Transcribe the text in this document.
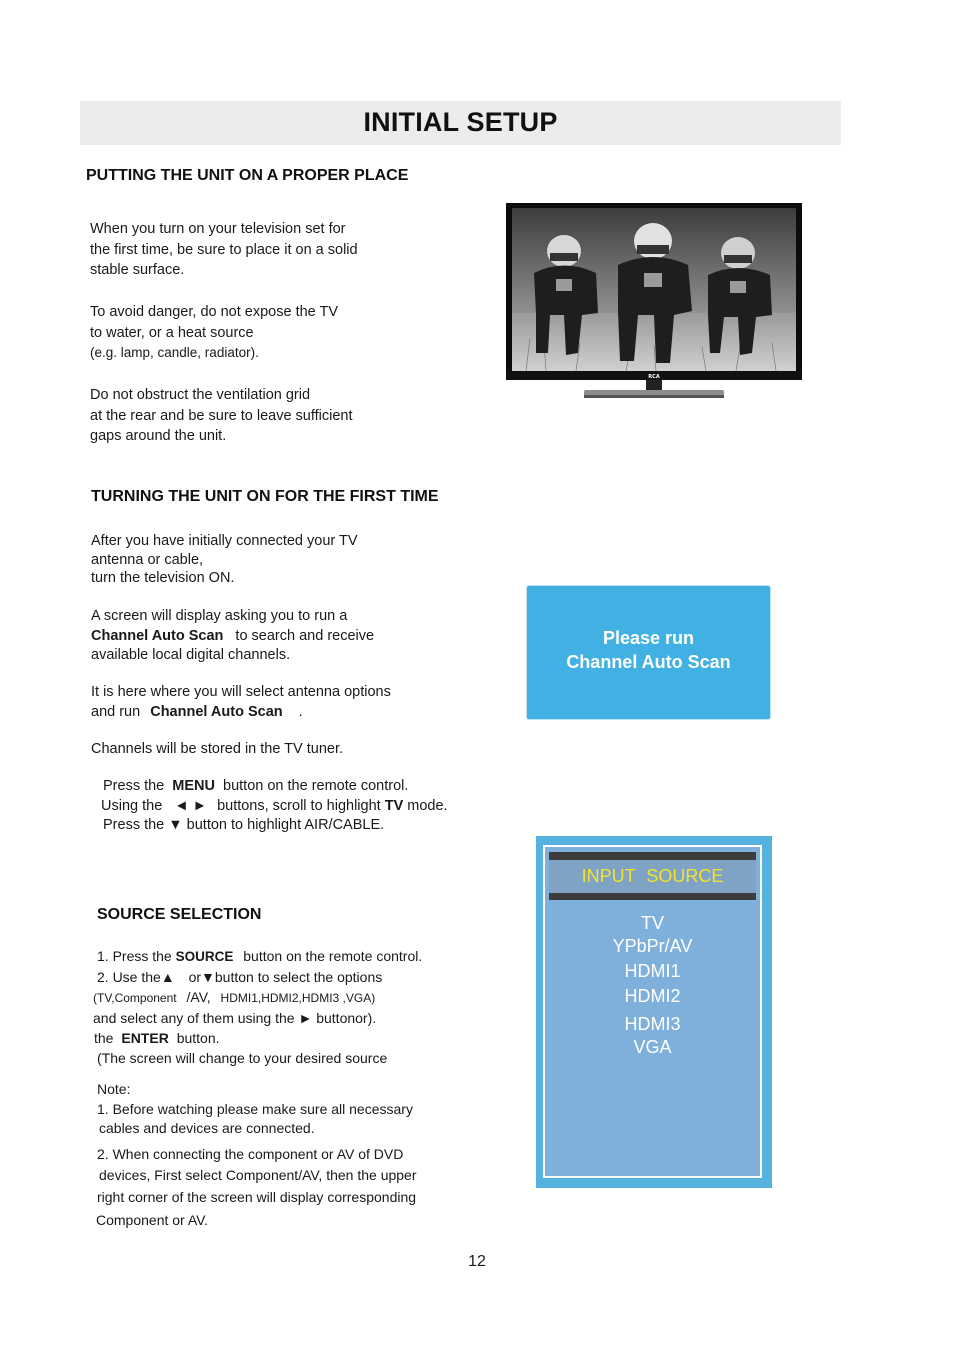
INITIAL SETUP
PUTTING THE UNIT ON A PROPER PLACE
When you turn on your television set for
the first time, be sure to place it on a solid
stable surface.
To avoid danger, do not expose the TV
to water, or a heat source
(e.g. lamp, candle, radiator).
Do not obstruct the ventilation grid
at the rear and be sure to leave sufficient
gaps around the unit.
RCA
TURNING THE UNIT ON FOR THE FIRST TIME
After you have initially connected your TV
antenna or cable,
turn the television ON.
A screen will display asking you to run a
Channel Auto Scan to search and receive
available local digital channels.
It is here where you will select antenna options
and run Channel Auto Scan .
Channels will be stored in the TV tuner.
Press the MENU button on the remote control.
Using the ◄ ► buttons, scroll to highlight TV mode.
Press the ▼ button to highlight AIR/CABLE.
Please run
Channel Auto Scan
SOURCE SELECTION
1. Press the SOURCE button on the remote control.
2. Use the▲ or▼button to select the options
(TV,Component /AV, HDMI1,HDMI2,HDMI3 ,VGA)
and select any of them using the ► buttonor).
the ENTER button.
(The screen will change to your desired source
Note:
1. Before watching please make sure all necessary
cables and devices are connected.
2. When connecting the component or AV of DVD
devices, First select Component/AV, then the upper
right corner of the screen will display corresponding
Component or AV.
INPUT SOURCE
TV
YPbPr/AV
HDMI1
HDMI2
HDMI3
VGA
12
